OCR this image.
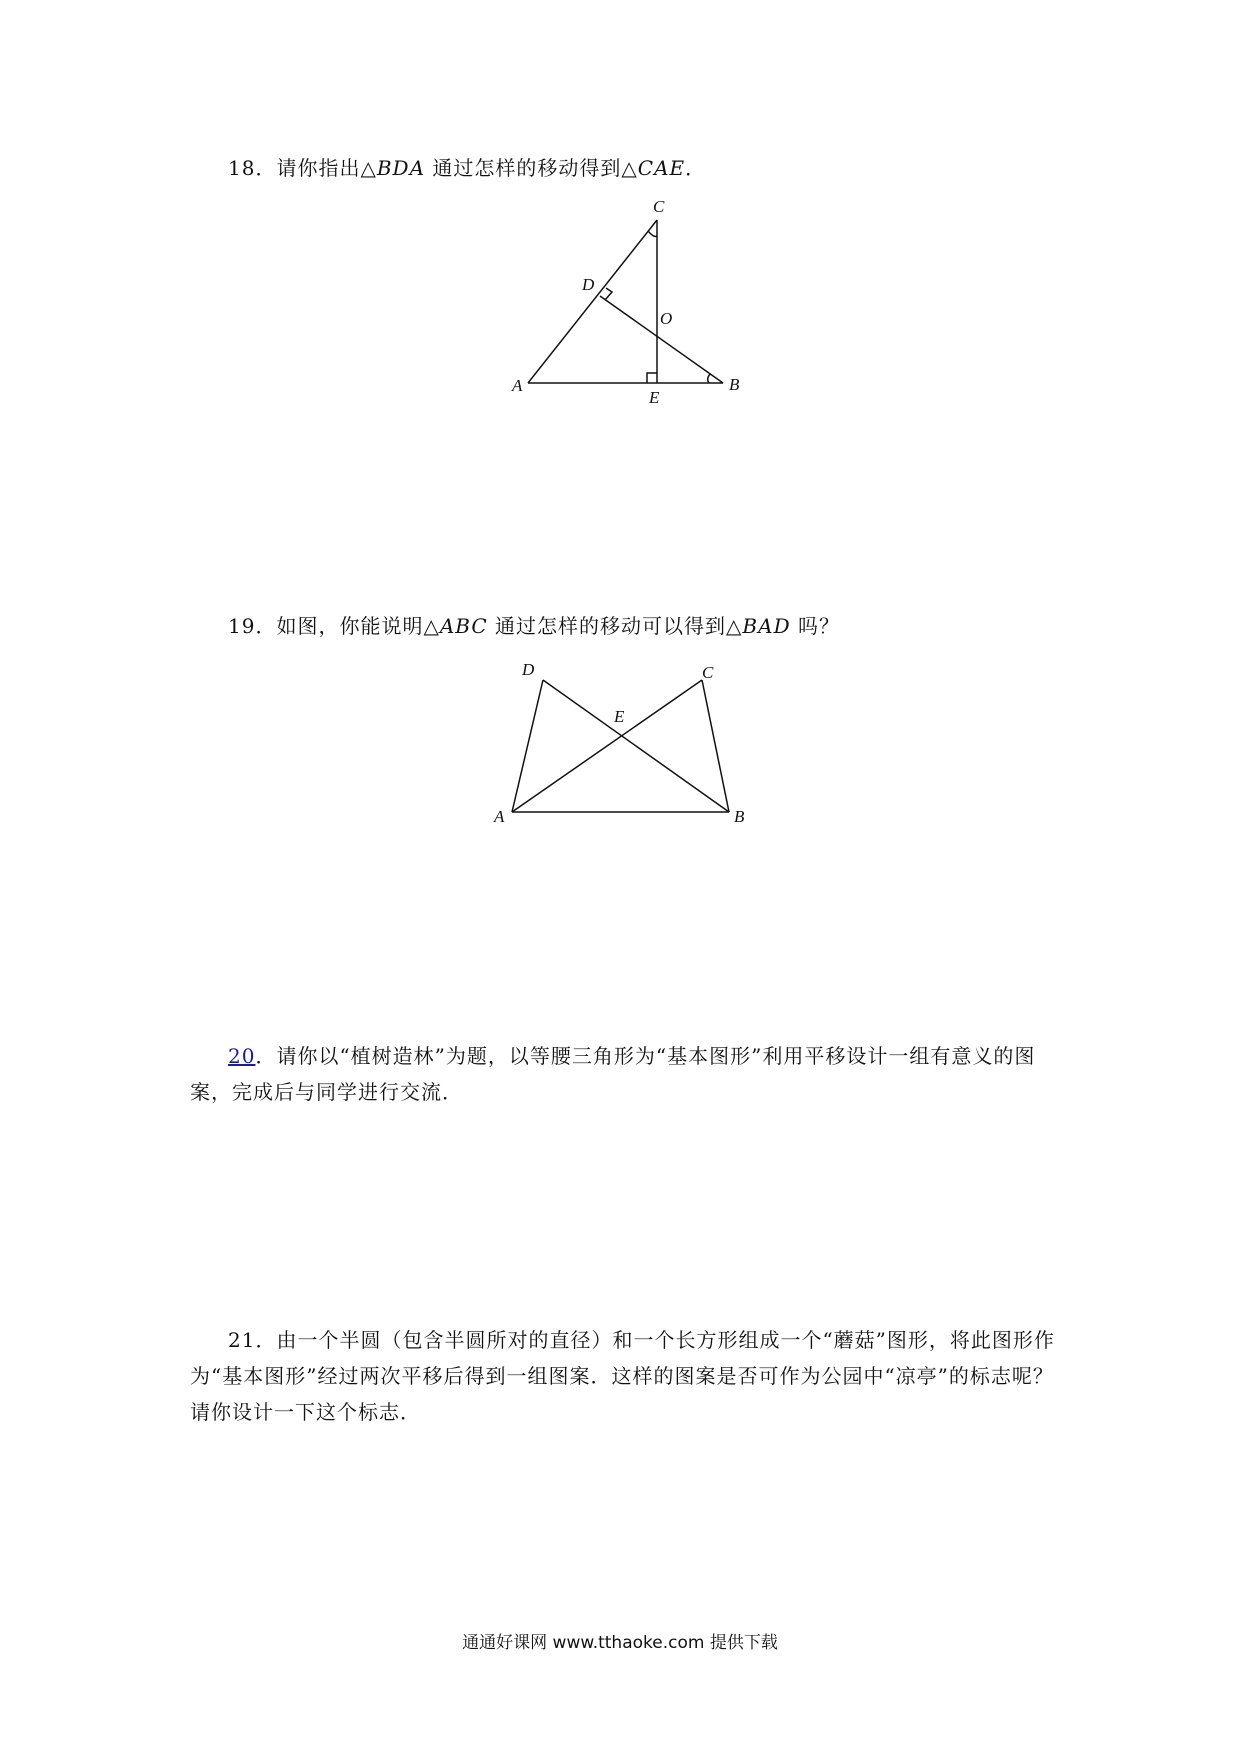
18．请你指出△BDA 通过怎样的移动得到△CAE．
C
D
O
A
E
B
19．如图，你能说明△ABC 通过怎样的移动可以得到△BAD 吗？
D	C
E
A	B
20．请你以“植树造林”为题，以等腰三角形为“基本图形”利用平移设计一组有意义的图案，完成后与同学进行交流．
21．由一个半圆（包含半圆所对的直径）和一个长方形组成一个“蘑菇”图形，将此图形作为“基本图形”经过两次平移后得到一组图案．这样的图案是否可作为公园中“凉亭”的标志呢？请你设计一下这个标志．
通通好课网 www.tthaoke.com 提供下载
